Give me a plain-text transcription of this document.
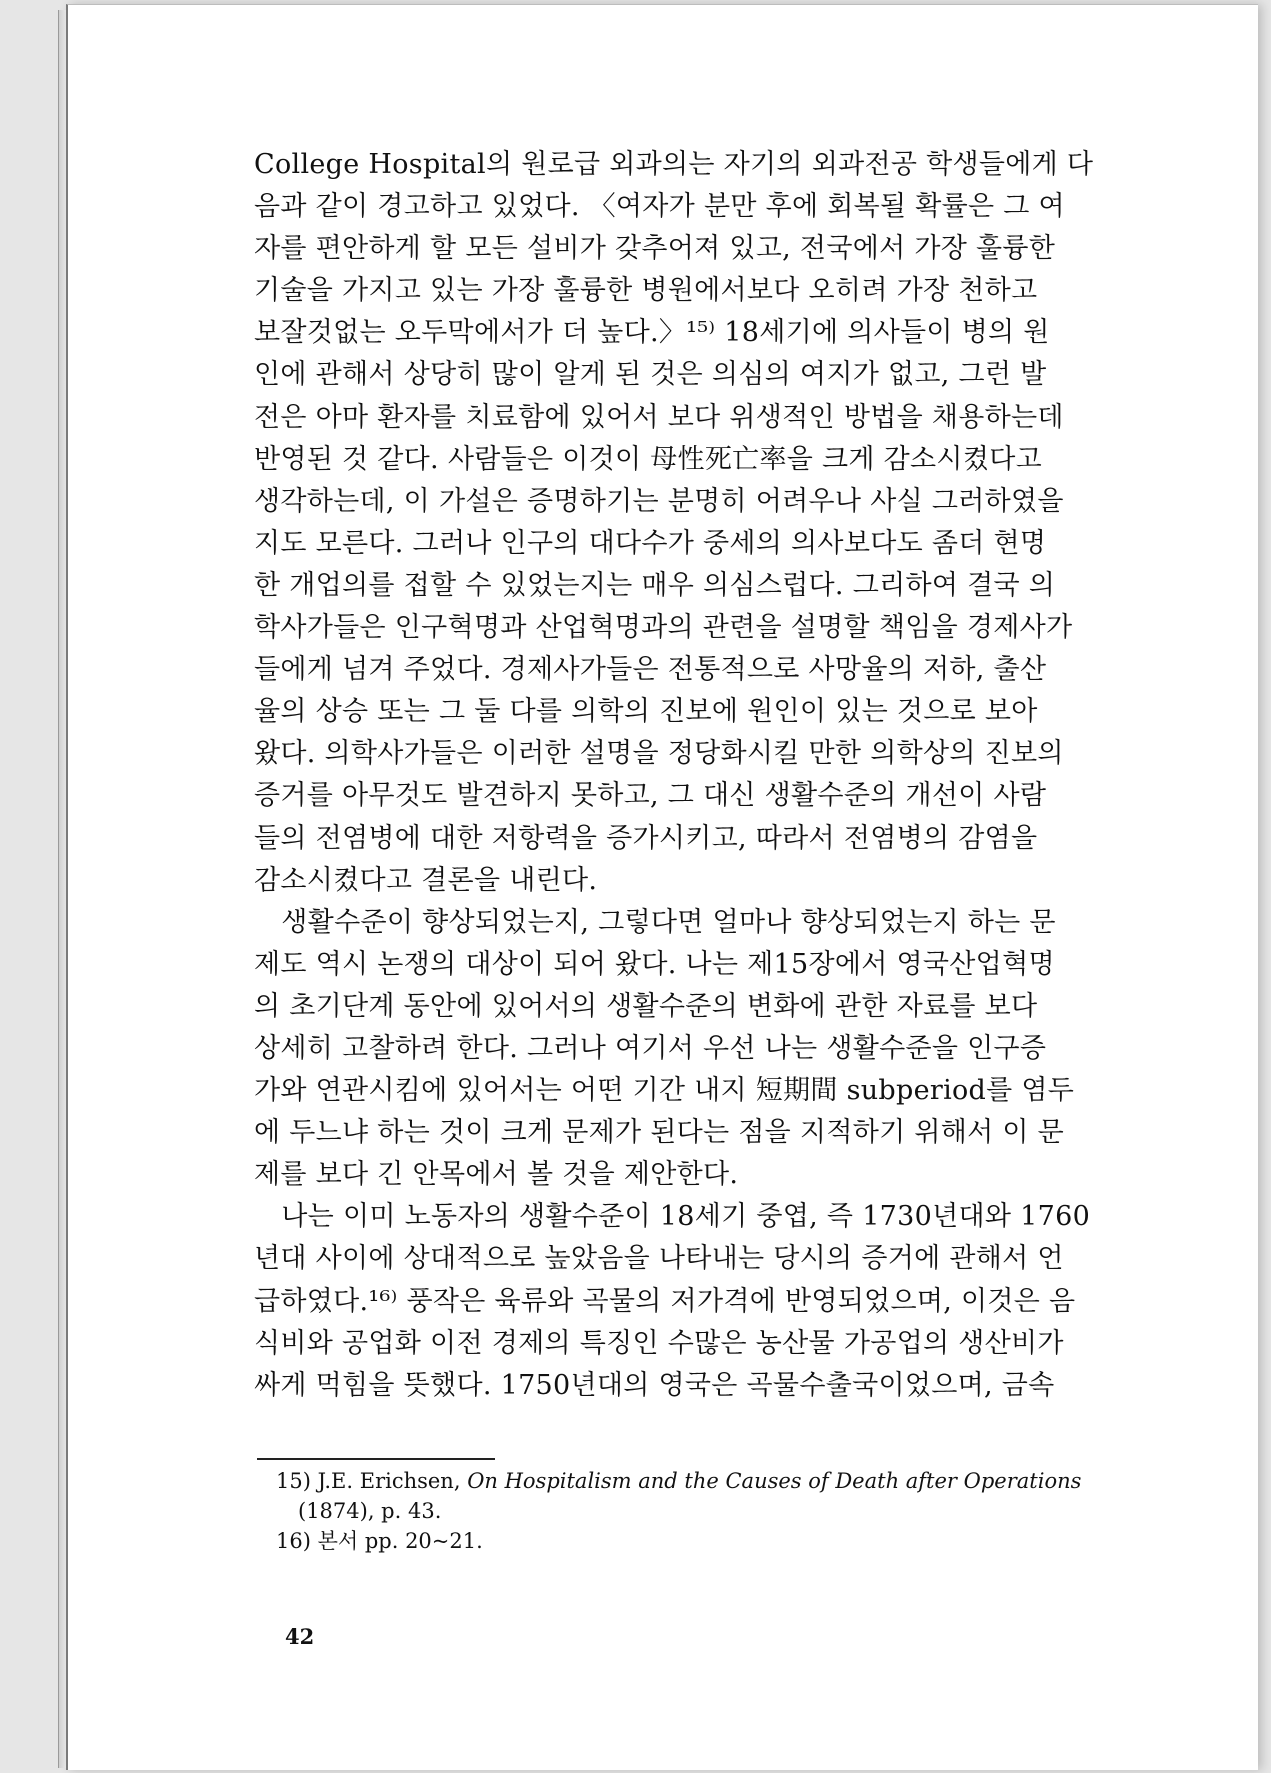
College Hospital의 원로급 외과의는 자기의 외과전공 학생들에게 다
음과 같이 경고하고 있었다. 〈여자가 분만 후에 회복될 확률은 그 여
자를 편안하게 할 모든 설비가 갖추어져 있고, 전국에서 가장 훌륭한
기술을 가지고 있는 가장 훌륭한 병원에서보다 오히려 가장 천하고
보잘것없는 오두막에서가 더 높다.〉¹⁵⁾ 18세기에 의사들이 병의 원
인에 관해서 상당히 많이 알게 된 것은 의심의 여지가 없고, 그런 발
전은 아마 환자를 치료함에 있어서 보다 위생적인 방법을 채용하는데
반영된 것 같다. 사람들은 이것이 母性死亡率을 크게 감소시켰다고
생각하는데, 이 가설은 증명하기는 분명히 어려우나 사실 그러하였을
지도 모른다. 그러나 인구의 대다수가 중세의 의사보다도 좀더 현명
한 개업의를 접할 수 있었는지는 매우 의심스럽다. 그리하여 결국 의
학사가들은 인구혁명과 산업혁명과의 관련을 설명할 책임을 경제사가
들에게 넘겨 주었다. 경제사가들은 전통적으로 사망율의 저하, 출산
율의 상승 또는 그 둘 다를 의학의 진보에 원인이 있는 것으로 보아
왔다. 의학사가들은 이러한 설명을 정당화시킬 만한 의학상의 진보의
증거를 아무것도 발견하지 못하고, 그 대신 생활수준의 개선이 사람
들의 전염병에 대한 저항력을 증가시키고, 따라서 전염병의 감염을
감소시켰다고 결론을 내린다.
　생활수준이 향상되었는지, 그렇다면 얼마나 향상되었는지 하는 문
제도 역시 논쟁의 대상이 되어 왔다. 나는 제15장에서 영국산업혁명
의 초기단계 동안에 있어서의 생활수준의 변화에 관한 자료를 보다
상세히 고찰하려 한다. 그러나 여기서 우선 나는 생활수준을 인구증
가와 연관시킴에 있어서는 어떤 기간 내지 短期間 subperiod를 염두
에 두느냐 하는 것이 크게 문제가 된다는 점을 지적하기 위해서 이 문
제를 보다 긴 안목에서 볼 것을 제안한다.
　나는 이미 노동자의 생활수준이 18세기 중엽, 즉 1730년대와 1760
년대 사이에 상대적으로 높았음을 나타내는 당시의 증거에 관해서 언
급하였다.¹⁶⁾ 풍작은 육류와 곡물의 저가격에 반영되었으며, 이것은 음
식비와 공업화 이전 경제의 특징인 수많은 농산물 가공업의 생산비가
싸게 먹힘을 뜻했다. 1750년대의 영국은 곡물수출국이었으며, 금속
15) J.E. Erichsen, On Hospitalism and the Causes of Death after Operations
(1874), p. 43.
16) 본서 pp. 20~21.
42
